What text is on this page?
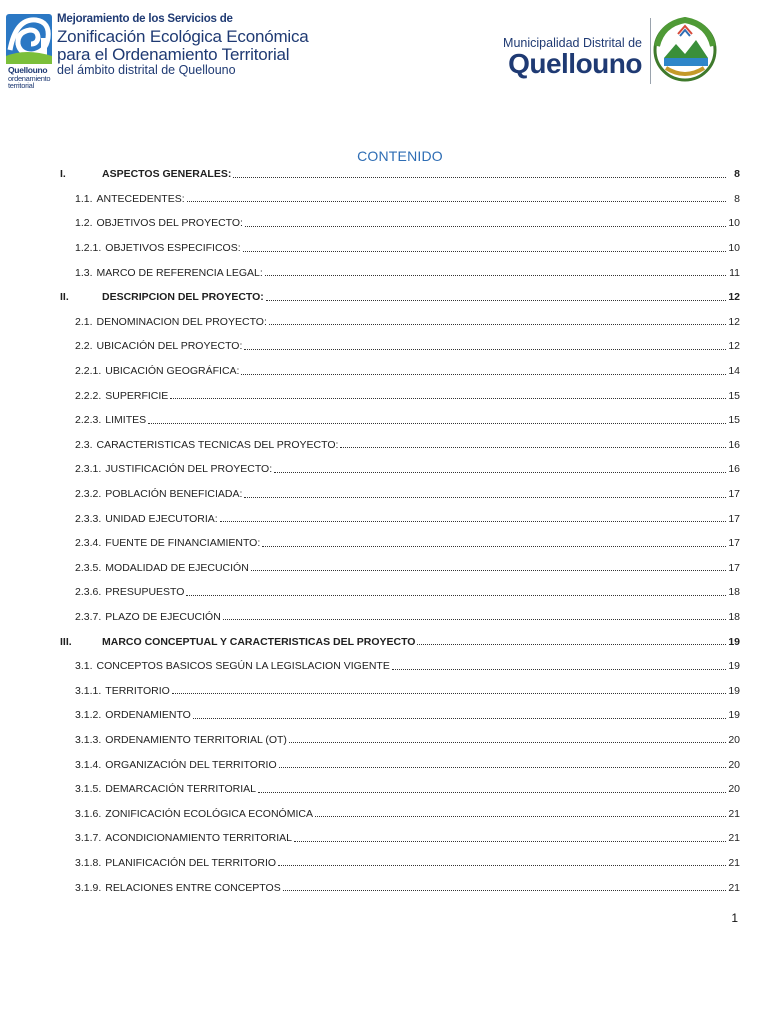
Quellouno
ordenamiento territorial
Mejoramiento de los Servicios de
Zonificación Ecológica Económica
para el Ordenamiento Territorial
del ámbito distrital de Quellouno
Municipalidad Distrital de
Quellouno
CONTENIDO
I.	ASPECTOS GENERALES:	8
1.1. ANTECEDENTES:	8
1.2. OBJETIVOS DEL PROYECTO:	10
1.2.1. OBJETIVOS ESPECIFICOS:	10
1.3. MARCO DE REFERENCIA LEGAL:	11
II.	DESCRIPCION DEL PROYECTO:	12
2.1. DENOMINACION DEL PROYECTO:	12
2.2. UBICACIÓN DEL PROYECTO:	12
2.2.1. UBICACIÓN GEOGRÁFICA:	14
2.2.2. SUPERFICIE	15
2.2.3. LIMITES	15
2.3. CARACTERISTICAS TECNICAS DEL PROYECTO:	16
2.3.1. JUSTIFICACIÓN DEL PROYECTO:	16
2.3.2. POBLACIÓN BENEFICIADA:	17
2.3.3. UNIDAD EJECUTORIA:	17
2.3.4. FUENTE DE FINANCIAMIENTO:	17
2.3.5. MODALIDAD DE EJECUCIÓN	17
2.3.6. PRESUPUESTO	18
2.3.7. PLAZO DE EJECUCIÓN	18
III.	MARCO CONCEPTUAL Y CARACTERISTICAS DEL PROYECTO	19
3.1. CONCEPTOS BASICOS SEGÚN LA LEGISLACION VIGENTE	19
3.1.1. TERRITORIO	19
3.1.2. ORDENAMIENTO	19
3.1.3. ORDENAMIENTO TERRITORIAL (OT)	20
3.1.4. ORGANIZACIÓN DEL TERRITORIO	20
3.1.5. DEMARCACIÓN TERRITORIAL	20
3.1.6. ZONIFICACIÓN ECOLÓGICA ECONÓMICA	21
3.1.7. ACONDICIONAMIENTO TERRITORIAL	21
3.1.8. PLANIFICACIÓN DEL TERRITORIO	21
3.1.9. RELACIONES ENTRE CONCEPTOS	21
1
